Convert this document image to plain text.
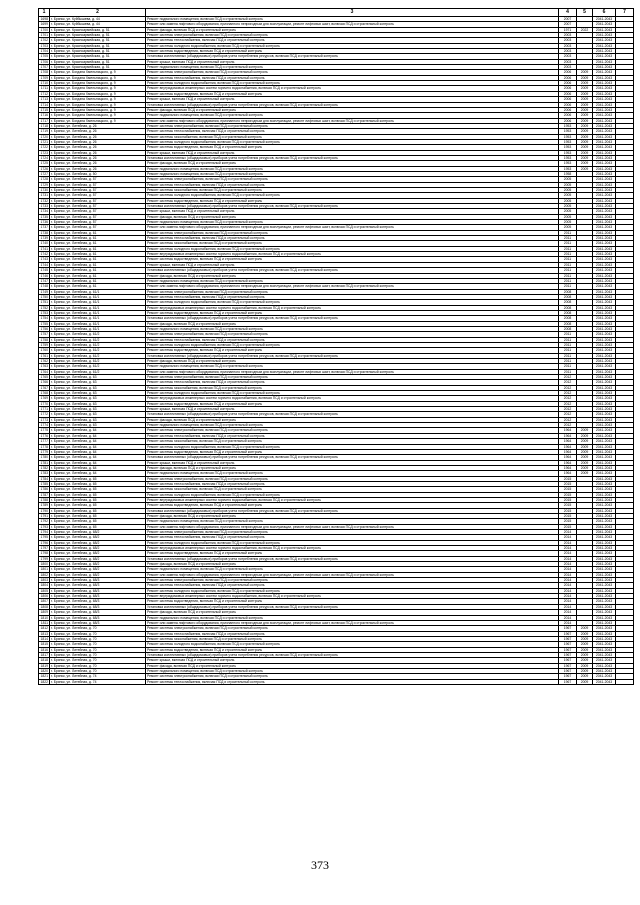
1	2	3	4	5	6	7
1698	г. Брянск, ул. Куйбышева, д. 44	Ремонт подвального помещения, включая ПСД и строительный контроль	2007		2041-2043	
1699	г. Брянск, ул. Куйбышева, д. 44	Ремонт или замена лифтового оборудования, признанного непригодным для эксплуатации, ремонт лифтовых шахт, включая ПСД и строительный контроль	2007		2041-2043	
1700	г. Брянск, ул. Красноармейская, д. 51	Ремонт фасада, включая ПСД и строительный контроль	1971	2022	2041-2043	
1701	г. Брянск, ул. Красноармейская, д. 51	Ремонт системы электроснабжения, включая ПСД и строительный контроль	2003		2041-2043	
1702	г. Брянск, ул. Красноармейская, д. 51	Ремонт системы теплоснабжения, включая ПСД и строительный контроль	2003		2041-2043	
1703	г. Брянск, ул. Красноармейская, д. 51	Ремонт системы холодного водоснабжения, включая ПСД и строительный контроль	2003		2041-2043	
1704	г. Брянск, ул. Красноармейская, д. 51	Ремонт системы водоотведения, включая ПСД и строительный контроль	2003		2041-2043	
1705	г. Брянск, ул. Красноармейская, д. 51	Установка коллективных (общедомовых) приборов учета потребления ресурсов, включая ПСД и строительный контроль	2003		2041-2043	
1706	г. Брянск, ул. Красноармейская, д. 51	Ремонт крыши, включая ПСД и строительный контроль	2003		2041-2043	
1707	г. Брянск, ул. Красноармейская, д. 51	Ремонт подвального помещения, включая ПСД и строительный контроль	2003		2041-2043	
1708	г. Брянск, ул. Богдана Хмельницкого, д. 9	Ремонт системы электроснабжения, включая ПСД и строительный контроль	2006	2009	2041-2043	
1709	г. Брянск, ул. Богдана Хмельницкого, д. 9	Ремонт системы теплоснабжения, включая ПСД и строительный контроль	2006	2009	2041-2043	
1710	г. Брянск, ул. Богдана Хмельницкого, д. 9	Ремонт системы холодного водоснабжения, включая ПСД и строительный контроль	2006	2009	2041-2043	
1711	г. Брянск, ул. Богдана Хмельницкого, д. 9	Ремонт внутридомовых инженерных систем горячего водоснабжения, включая ПСД и строительный контроль	2006	2009	2041-2043	
1712	г. Брянск, ул. Богдана Хмельницкого, д. 9	Ремонт системы водоотведения, включая ПСД и строительный контроль	2006	2009	2041-2043	
1713	г. Брянск, ул. Богдана Хмельницкого, д. 9	Ремонт крыши, включая ПСД и строительный контроль	2006	2009	2041-2043	
1714	г. Брянск, ул. Богдана Хмельницкого, д. 9	Установка коллективных (общедомовых) приборов учета потребления ресурсов, включая ПСД и строительный контроль	2006	2009	2041-2043	
1715	г. Брянск, ул. Богдана Хмельницкого, д. 9	Ремонт фасада, включая ПСД и строительный контроль	2006	2009	2041-2043	
1716	г. Брянск, ул. Богдана Хмельницкого, д. 9	Ремонт подвального помещения, включая ПСД и строительный контроль	2006	2009	2041-2043	
1717	г. Брянск, ул. Богдана Хмельницкого, д. 9	Ремонт или замена лифтового оборудования, признанного непригодным для эксплуатации, ремонт лифтовых шахт, включая ПСД и строительный контроль	2006	2009	2041-2043	
1718	г. Брянск, ул. Литейная, д. 26	Ремонт системы электроснабжения, включая ПСД и строительный контроль	1953	2009	2041-2043	
1719	г. Брянск, ул. Литейная, д. 26	Ремонт системы теплоснабжения, включая ПСД и строительный контроль	1953	2009	2041-2043	
1720	г. Брянск, ул. Литейная, д. 26	Ремонт системы газоснабжения, включая ПСД и строительный контроль	1953	2009	2041-2043	
1721	г. Брянск, ул. Литейная, д. 26	Ремонт системы холодного водоснабжения, включая ПСД и строительный контроль	1953	2009	2041-2043	
1722	г. Брянск, ул. Литейная, д. 26	Ремонт системы водоотведения, включая ПСД и строительный контроль	1953	2009	2041-2043	
1723	г. Брянск, ул. Литейная, д. 26	Ремонт крыши, включая ПСД и строительный контроль	1953	2009	2041-2043	
1724	г. Брянск, ул. Литейная, д. 26	Установка коллективных (общедомовых) приборов учета потребления ресурсов, включая ПСД и строительный контроль	1953	2009	2041-2043	
1725	г. Брянск, ул. Литейная, д. 26	Ремонт фасада, включая ПСД и строительный контроль	1953	2009	2041-2043	
1726	г. Брянск, ул. Литейная, д. 26	Ремонт подвального помещения, включая ПСД и строительный контроль	1953	2009	2041-2043	
1727	г. Брянск, ул. Литейная, д. 50	Ремонт подвального помещения, включая ПСД и строительный контроль	1958		2041-2043	
1728	г. Брянск, ул. Литейная, д. 57	Ремонт системы электроснабжения, включая ПСД и строительный контроль	2005		2041-2043	
1729	г. Брянск, ул. Литейная, д. 57	Ремонт системы теплоснабжения, включая ПСД и строительный контроль	2005		2041-2043	
1730	г. Брянск, ул. Литейная, д. 57	Ремонт системы газоснабжения, включая ПСД и строительный контроль	2005		2041-2043	
1731	г. Брянск, ул. Литейная, д. 57	Ремонт системы холодного водоснабжения, включая ПСД и строительный контроль	2005		2041-2043	
1732	г. Брянск, ул. Литейная, д. 57	Ремонт системы водоотведения, включая ПСД и строительный контроль	2005		2041-2043	
1733	г. Брянск, ул. Литейная, д. 57	Установка коллективных (общедомовых) приборов учета потребления ресурсов, включая ПСД и строительный контроль	2005		2041-2043	
1734	г. Брянск, ул. Литейная, д. 57	Ремонт крыши, включая ПСД и строительный контроль	2005		2041-2043	
1735	г. Брянск, ул. Литейная, д. 57	Ремонт фасада, включая ПСД и строительный контроль	2005		2041-2043	
1736	г. Брянск, ул. Литейная, д. 57	Ремонт подвального помещения, включая ПСД и строительный контроль	2005		2041-2043	
1737	г. Брянск, ул. Литейная, д. 57	Ремонт или замена лифтового оборудования, признанного непригодным для эксплуатации, ремонт лифтовых шахт, включая ПСД и строительный контроль	2005		2041-2043	
1738	г. Брянск, ул. Литейная, д. 61	Ремонт системы электроснабжения, включая ПСД и строительный контроль	2011		2041-2043	
1739	г. Брянск, ул. Литейная, д. 61	Ремонт системы теплоснабжения, включая ПСД и строительный контроль	2011		2041-2043	
1740	г. Брянск, ул. Литейная, д. 61	Ремонт системы газоснабжения, включая ПСД и строительный контроль	2011		2041-2043	
1741	г. Брянск, ул. Литейная, д. 61	Ремонт системы холодного водоснабжения, включая ПСД и строительный контроль	2011		2041-2043	
1742	г. Брянск, ул. Литейная, д. 61	Ремонт внутридомовых инженерных систем горячего водоснабжения, включая ПСД и строительный контроль	2011		2041-2043	
1743	г. Брянск, ул. Литейная, д. 61	Ремонт системы водоотведения, включая ПСД и строительный контроль	2011		2041-2043	
1744	г. Брянск, ул. Литейная, д. 61	Ремонт крыши, включая ПСД и строительный контроль	2011		2041-2043	
1745	г. Брянск, ул. Литейная, д. 61	Установка коллективных (общедомовых) приборов учета потребления ресурсов, включая ПСД и строительный контроль	2011		2041-2043	
1746	г. Брянск, ул. Литейная, д. 61	Ремонт фасада, включая ПСД и строительный контроль	2011		2041-2043	
1747	г. Брянск, ул. Литейная, д. 61	Ремонт подвального помещения, включая ПСД и строительный контроль	2011		2041-2043	
1748	г. Брянск, ул. Литейная, д. 61	Ремонт или замена лифтового оборудования, признанного непригодным для эксплуатации, ремонт лифтовых шахт, включая ПСД и строительный контроль	2011		2041-2043	
1749	г. Брянск, ул. Литейная, д. 61/1	Ремонт системы электроснабжения, включая ПСД и строительный контроль	2008		2041-2043	
1750	г. Брянск, ул. Литейная, д. 61/1	Ремонт системы теплоснабжения, включая ПСД и строительный контроль	2008		2041-2043	
1751	г. Брянск, ул. Литейная, д. 61/1	Ремонт системы холодного водоснабжения, включая ПСД и строительный контроль	2008		2041-2043	
1752	г. Брянск, ул. Литейная, д. 61/1	Ремонт внутридомовых инженерных систем горячего водоснабжения, включая ПСД и строительный контроль	2008		2041-2043	
1753	г. Брянск, ул. Литейная, д. 61/1	Ремонт системы водоотведения, включая ПСД и строительный контроль	2008		2041-2043	
1754	г. Брянск, ул. Литейная, д. 61/1	Установка коллективных (общедомовых) приборов учета потребления ресурсов, включая ПСД и строительный контроль	2008		2041-2043	
1755	г. Брянск, ул. Литейная, д. 61/1	Ремонт фасада, включая ПСД и строительный контроль	2008		2041-2043	
1756	г. Брянск, ул. Литейная, д. 61/1	Ремонт подвального помещения, включая ПСД и строительный контроль	2008		2041-2043	
1757	г. Брянск, ул. Литейная, д. 61/2	Ремонт системы электроснабжения, включая ПСД и строительный контроль	2011		2041-2043	
1758	г. Брянск, ул. Литейная, д. 61/2	Ремонт системы теплоснабжения, включая ПСД и строительный контроль	2011		2041-2043	
1759	г. Брянск, ул. Литейная, д. 61/2	Ремонт системы холодного водоснабжения, включая ПСД и строительный контроль	2011		2041-2043	
1760	г. Брянск, ул. Литейная, д. 61/2	Ремонт системы водоотведения, включая ПСД и строительный контроль	2011		2041-2043	
1761	г. Брянск, ул. Литейная, д. 61/2	Установка коллективных (общедомовых) приборов учета потребления ресурсов, включая ПСД и строительный контроль	2011		2041-2043	
1762	г. Брянск, ул. Литейная, д. 61/2	Ремонт фасада, включая ПСД и строительный контроль	2011		2041-2043	
1763	г. Брянск, ул. Литейная, д. 61/2	Ремонт подвального помещения, включая ПСД и строительный контроль	2011		2041-2043	
1764	г. Брянск, ул. Литейная, д. 61/2	Ремонт или замена лифтового оборудования, признанного непригодным для эксплуатации, ремонт лифтовых шахт, включая ПСД и строительный контроль	2011		2041-2043	
1765	г. Брянск, ул. Литейная, д. 63	Ремонт системы электроснабжения, включая ПСД и строительный контроль	2012		2041-2043	
1766	г. Брянск, ул. Литейная, д. 63	Ремонт системы теплоснабжения, включая ПСД и строительный контроль	2012		2041-2043	
1767	г. Брянск, ул. Литейная, д. 63	Ремонт системы газоснабжения, включая ПСД и строительный контроль	2012		2041-2043	
1768	г. Брянск, ул. Литейная, д. 63	Ремонт системы холодного водоснабжения, включая ПСД и строительный контроль	2012		2041-2043	
1769	г. Брянск, ул. Литейная, д. 63	Ремонт внутридомовых инженерных систем горячего водоснабжения, включая ПСД и строительный контроль	2012		2041-2043	
1770	г. Брянск, ул. Литейная, д. 63	Ремонт системы водоотведения, включая ПСД и строительный контроль	2012		2041-2043	
1771	г. Брянск, ул. Литейная, д. 63	Ремонт крыши, включая ПСД и строительный контроль	2012		2041-2043	
1772	г. Брянск, ул. Литейная, д. 63	Установка коллективных (общедомовых) приборов учета потребления ресурсов, включая ПСД и строительный контроль	2012		2041-2043	
1773	г. Брянск, ул. Литейная, д. 63	Ремонт фасада, включая ПСД и строительный контроль	2012		2041-2043	
1774	г. Брянск, ул. Литейная, д. 63	Ремонт подвального помещения, включая ПСД и строительный контроль	2012		2041-2043	
1775	г. Брянск, ул. Литейная, д. 64	Ремонт системы электроснабжения, включая ПСД и строительный контроль	1964	2009	2041-2043	
1776	г. Брянск, ул. Литейная, д. 64	Ремонт системы теплоснабжения, включая ПСД и строительный контроль	1964	2009	2041-2043	
1777	г. Брянск, ул. Литейная, д. 64	Ремонт системы газоснабжения, включая ПСД и строительный контроль	1964	2009	2041-2043	
1778	г. Брянск, ул. Литейная, д. 64	Ремонт системы холодного водоснабжения, включая ПСД и строительный контроль	1964	2009	2041-2043	
1779	г. Брянск, ул. Литейная, д. 64	Ремонт системы водоотведения, включая ПСД и строительный контроль	1964	2009	2041-2043	
1780	г. Брянск, ул. Литейная, д. 64	Установка коллективных (общедомовых) приборов учета потребления ресурсов, включая ПСД и строительный контроль	1964	2009	2041-2043	
1781	г. Брянск, ул. Литейная, д. 64	Ремонт крыши, включая ПСД и строительный контроль	1964	2009	2041-2043	
1782	г. Брянск, ул. Литейная, д. 64	Ремонт фасада, включая ПСД и строительный контроль	1964	2009	2041-2043	
1783	г. Брянск, ул. Литейная, д. 64	Ремонт подвального помещения, включая ПСД и строительный контроль	1964	2009	2041-2043	
1784	г. Брянск, ул. Литейная, д. 65	Ремонт системы электроснабжения, включая ПСД и строительный контроль	2015		2041-2043	
1785	г. Брянск, ул. Литейная, д. 65	Ремонт системы теплоснабжения, включая ПСД и строительный контроль	2015		2041-2043	
1786	г. Брянск, ул. Литейная, д. 65	Ремонт системы газоснабжения, включая ПСД и строительный контроль	2015		2041-2043	
1787	г. Брянск, ул. Литейная, д. 65	Ремонт системы холодного водоснабжения, включая ПСД и строительный контроль	2015		2041-2043	
1788	г. Брянск, ул. Литейная, д. 65	Ремонт внутридомовых инженерных систем горячего водоснабжения, включая ПСД и строительный контроль	2015		2041-2043	
1789	г. Брянск, ул. Литейная, д. 65	Ремонт системы водоотведения, включая ПСД и строительный контроль	2015		2041-2043	
1790	г. Брянск, ул. Литейная, д. 65	Установка коллективных (общедомовых) приборов учета потребления ресурсов, включая ПСД и строительный контроль	2015		2041-2043	
1791	г. Брянск, ул. Литейная, д. 65	Ремонт фасада, включая ПСД и строительный контроль	2015		2041-2043	
1792	г. Брянск, ул. Литейная, д. 65	Ремонт подвального помещения, включая ПСД и строительный контроль	2015		2041-2043	
1793	г. Брянск, ул. Литейная, д. 65	Ремонт или замена лифтового оборудования, признанного непригодным для эксплуатации, ремонт лифтовых шахт, включая ПСД и строительный контроль	2015		2041-2043	
1794	г. Брянск, ул. Литейная, д. 68/2	Ремонт системы электроснабжения, включая ПСД и строительный контроль	2014		2041-2043	
1795	г. Брянск, ул. Литейная, д. 68/2	Ремонт системы теплоснабжения, включая ПСД и строительный контроль	2014		2041-2043	
1796	г. Брянск, ул. Литейная, д. 68/2	Ремонт системы холодного водоснабжения, включая ПСД и строительный контроль	2014		2041-2043	
1797	г. Брянск, ул. Литейная, д. 68/2	Ремонт внутридомовых инженерных систем горячего водоснабжения, включая ПСД и строительный контроль	2014		2041-2043	
1798	г. Брянск, ул. Литейная, д. 68/2	Ремонт системы водоотведения, включая ПСД и строительный контроль	2014		2041-2043	
1799	г. Брянск, ул. Литейная, д. 68/2	Установка коллективных (общедомовых) приборов учета потребления ресурсов, включая ПСД и строительный контроль	2014		2041-2043	
1800	г. Брянск, ул. Литейная, д. 68/2	Ремонт фасада, включая ПСД и строительный контроль	2014		2041-2043	
1801	г. Брянск, ул. Литейная, д. 68/2	Ремонт подвального помещения, включая ПСД и строительный контроль	2014		2041-2043	
1802	г. Брянск, ул. Литейная, д. 68/2	Ремонт или замена лифтового оборудования, признанного непригодным для эксплуатации, ремонт лифтовых шахт, включая ПСД и строительный контроль	2014		2041-2043	
1803	г. Брянск, ул. Литейная, д. 68/3	Ремонт системы электроснабжения, включая ПСД и строительный контроль	2014		2041-2043	
1804	г. Брянск, ул. Литейная, д. 68/3	Ремонт системы теплоснабжения, включая ПСД и строительный контроль	2014		2041-2043	
1805	г. Брянск, ул. Литейная, д. 68/3	Ремонт системы холодного водоснабжения, включая ПСД и строительный контроль	2014		2041-2043	
1806	г. Брянск, ул. Литейная, д. 68/3	Ремонт внутридомовых инженерных систем горячего водоснабжения, включая ПСД и строительный контроль	2014		2041-2043	
1807	г. Брянск, ул. Литейная, д. 68/3	Ремонт системы водоотведения, включая ПСД и строительный контроль	2014		2041-2043	
1808	г. Брянск, ул. Литейная, д. 68/3	Установка коллективных (общедомовых) приборов учета потребления ресурсов, включая ПСД и строительный контроль	2014		2041-2043	
1809	г. Брянск, ул. Литейная, д. 68/3	Ремонт фасада, включая ПСД и строительный контроль	2014		2041-2043	
1810	г. Брянск, ул. Литейная, д. 68/3	Ремонт подвального помещения, включая ПСД и строительный контроль	2014		2041-2043	
1811	г. Брянск, ул. Литейная, д. 68/3	Ремонт или замена лифтового оборудования, признанного непригодным для эксплуатации, ремонт лифтовых шахт, включая ПСД и строительный контроль	2014		2041-2043	
1812	г. Брянск, ул. Литейная, д. 70	Ремонт системы электроснабжения, включая ПСД и строительный контроль	1967	2009	2041-2043	
1813	г. Брянск, ул. Литейная, д. 70	Ремонт системы теплоснабжения, включая ПСД и строительный контроль	1967	2009	2041-2043	
1814	г. Брянск, ул. Литейная, д. 70	Ремонт системы газоснабжения, включая ПСД и строительный контроль	1967	2009	2041-2043	
1815	г. Брянск, ул. Литейная, д. 70	Ремонт системы холодного водоснабжения, включая ПСД и строительный контроль	1967	2009	2041-2043	
1816	г. Брянск, ул. Литейная, д. 70	Ремонт системы водоотведения, включая ПСД и строительный контроль	1967	2009	2041-2043	
1817	г. Брянск, ул. Литейная, д. 70	Установка коллективных (общедомовых) приборов учета потребления ресурсов, включая ПСД и строительный контроль	1967	2009	2041-2043	
1818	г. Брянск, ул. Литейная, д. 70	Ремонт крыши, включая ПСД и строительный контроль	1967	2009	2041-2043	
1819	г. Брянск, ул. Литейная, д. 70	Ремонт фасада, включая ПСД и строительный контроль	1967	2009	2041-2043	
1820	г. Брянск, ул. Литейная, д. 70	Ремонт подвального помещения, включая ПСД и строительный контроль	1967	2009	2041-2043	
1821	г. Брянск, ул. Литейная, д. 74	Ремонт системы электроснабжения, включая ПСД и строительный контроль	1967	2009	2041-2043	
1822	г. Брянск, ул. Литейная, д. 74	Ремонт системы теплоснабжения, включая ПСД и строительный контроль	1967	2009	2041-2043	
373
